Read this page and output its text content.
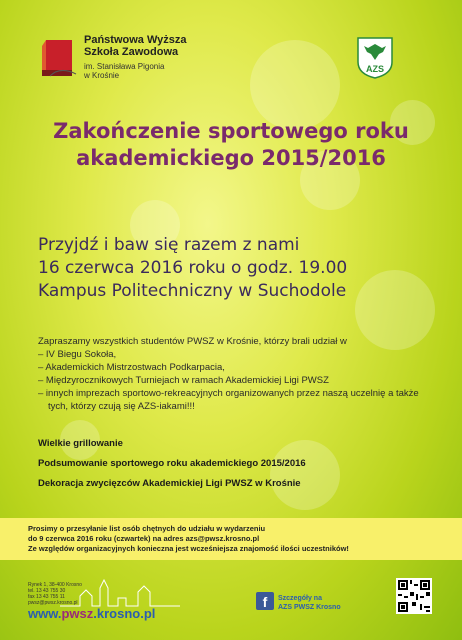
Państwowa Wyższa
Szkoła Zawodowa
im. Stanisława Pigonia
w Krośnie
AZS
Zakończenie sportowego roku
akademickiego 2015/2016
Przyjdź i baw się razem z nami
16 czerwca 2016 roku o godz. 19.00
Kampus Politechniczny w Suchodole
Zapraszamy wszystkich studentów PWSZ w Krośnie, którzy brali udział w
– IV Biegu Sokoła,
– Akademickich Mistrzostwach Podkarpacia,
– Międzyrocznikowych Turniejach w ramach Akademickiej Ligi PWSZ
– innych imprezach sportowo-rekreacyjnych organizowanych przez naszą uczelnię a także tych, którzy czują się AZS-iakami!!!
Wielkie grillowanie
Podsumowanie sportowego roku akademickiego 2015/2016
Dekoracja zwycięzców Akademickiej Ligi PWSZ w Krośnie
Prosimy o przesyłanie list osób chętnych do udziału w wydarzeniu
do 9 czerwca 2016 roku (czwartek) na adres azs@pwsz.krosno.pl
Ze względów organizacyjnych konieczna jest wcześniejsza znajomość ilości uczestników!
Rynek 1, 38-400 Krosno
tel. 13 43 755 30
fax 13 43 755 11
pwsz@pwsz.krosno.pl
www.pwsz.krosno.pl
f	Szczegóły na
AZS PWSZ Krosno
